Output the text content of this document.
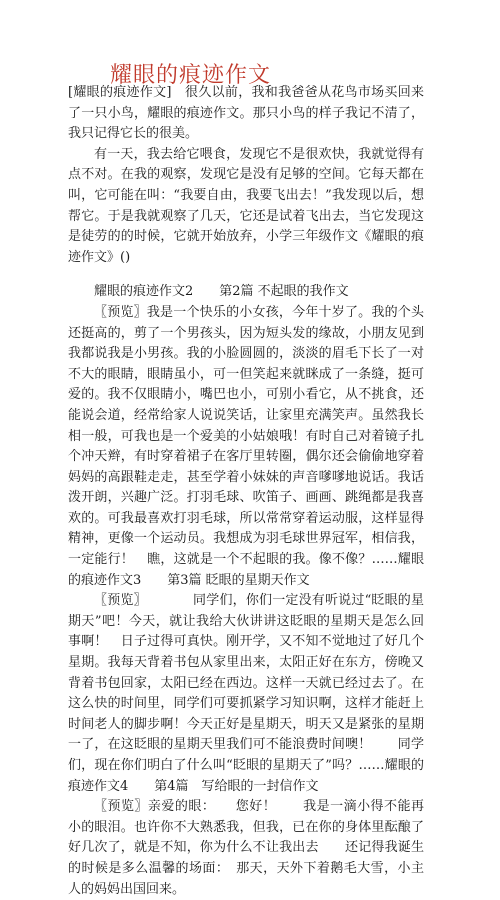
耀眼的痕迹作文

[耀眼的痕迹作文]　很久以前，我和我爸爸从花鸟市场买回来了一只小鸟，耀眼的痕迹作文。那只小鸟的样子我记不清了，我只记得它长的很美。

有一天，我去给它喂食，发现它不是很欢快，我就觉得有点不对。在我的观察，发现它是没有足够的空间。它每天都在叫，它可能在叫：“我要自由，我要飞出去！”我发现以后，想帮它。于是我就观察了几天，它还是试着飞出去，当它发现这是徒劳的的时候，它就开始放弃，小学三年级作文《耀眼的痕迹作文》()

耀眼的痕迹作文2　　第2篇 不起眼的我作文

〖预览〗我是一个快乐的小女孩，今年十岁了。我的个头还挺高的，剪了一个男孩头，因为短头发的缘故，小朋友见到我都说我是小男孩。我的小脸圆圆的，淡淡的眉毛下长了一对不大的眼睛，眼睛虽小，可一但笑起来就眯成了一条缝，挺可爱的。我不仅眼睛小，嘴巴也小，可别小看它，从不挑食，还能说会道，经常给家人说说笑话，让家里充满笑声。虽然我长相一般，可我也是一个爱美的小姑娘哦！有时自己对着镜子扎个冲天辫，有时穿着裙子在客厅里转圈，偶尔还会偷偷地穿着妈妈的高跟鞋走走，甚至学着小妹妹的声音嗲嗲地说话。我话泼开朗，兴趣广泛。打羽毛球、吹笛子、画画、跳绳都是我喜欢的。可我最喜欢打羽毛球，所以常常穿着运动服，这样显得精神，更像一个运动员。我想成为羽毛球世界冠军，相信我，一定能行！　瞧，这就是一个不起眼的我。像不像？……耀眼的痕迹作文3　　第3篇 眨眼的星期天作文

〖预览〗　　　　同学们，你们一定没有听说过“眨眼的星期天”吧！今天，就让我给大伙讲讲这眨眼的星期天是怎么回事啊！　日子过得可真快。刚开学，又不知不觉地过了好几个星期。我每天背着书包从家里出来，太阳正好在东方，傍晚又背着书包回家，太阳已经在西边。这样一天就已经过去了。在这么快的时间里，同学们可要抓紧学习知识啊，这样才能赶上时间老人的脚步啊！今天正好是星期天，明天又是紧张的星期一了，在这眨眼的星期天里我们可不能浪费时间噢！　　同学们，现在你们明白了什么叫“眨眼的星期天了”吗？……耀眼的痕迹作文4　　第4篇　写给眼的一封信作文

〖预览〗亲爱的眼：　　您好！　　我是一滴小得不能再小的眼泪。也许你不大熟悉我，但我，已在你的身体里酝酿了好几次了，就是不知，你为什么不让我出去　　还记得我诞生的时候是多么温馨的场面：　那天，天外下着鹅毛大雪，小主人的妈妈出国回来。
